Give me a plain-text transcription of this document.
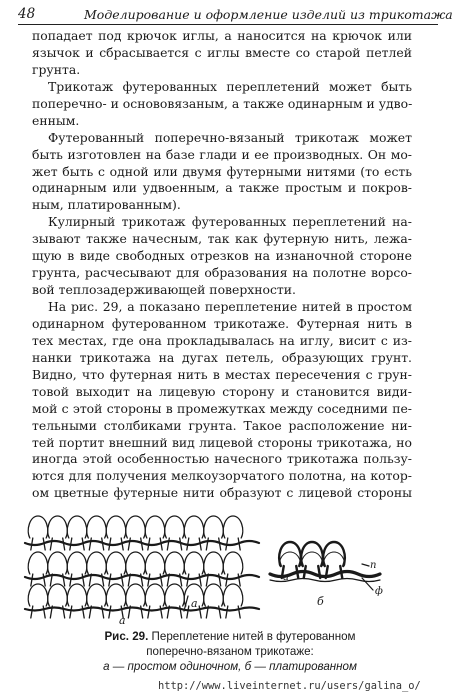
48	Моделирование и оформление изделий из трикотажа
попадает под крючок иглы, а наносится на крючок или
язычок и сбрасывается с иглы вместе со старой петлей
грунта.
Трикотаж футерованных переплетений может быть
поперечно- и основовязаным, а также одинарным и удво-
енным.
Футерованный поперечно-вязаный трикотаж может
быть изготовлен на базе глади и ее производных. Он мо-
жет быть с одной или двумя футерными нитями (то есть
одинарным или удвоенным, а также простым и покров-
ным, платированным).
Кулирный трикотаж футерованных переплетений на-
зывают также начесным, так как футерную нить, лежа-
щую в виде свободных отрезков на изнаночной стороне
грунта, расчесывают для образования на полотне ворсо-
вой теплозадерживающей поверхности.
На рис. 29, а показано переплетение нитей в простом
одинарном футерованном трикотаже. Футерная нить в
тех местах, где она прокладывалась на иглу, висит с из-
нанки трикотажа на дугах петель, образующих грунт.
Видно, что футерная нить в местах пересечения с грун-
товой выходит на лицевую сторону и становится види-
мой с этой стороны в промежутках между соседними пе-
тельными столбиками грунта. Такое расположение ни-
тей портит внешний вид лицевой стороны трикотажа, но
иногда этой особенностью начесного трикотажа пользу-
ются для получения мелкоузорчатого полотна, на котор-
ом цветные футерные нити образуют с лицевой стороны
а
а
а
б
п
ф
Рис. 29. Переплетение нитей в футерованном
поперечно-вязаном трикотаже:
а — простом одиночном, б — платированном
http://www.liveinternet.ru/users/galina_o/
